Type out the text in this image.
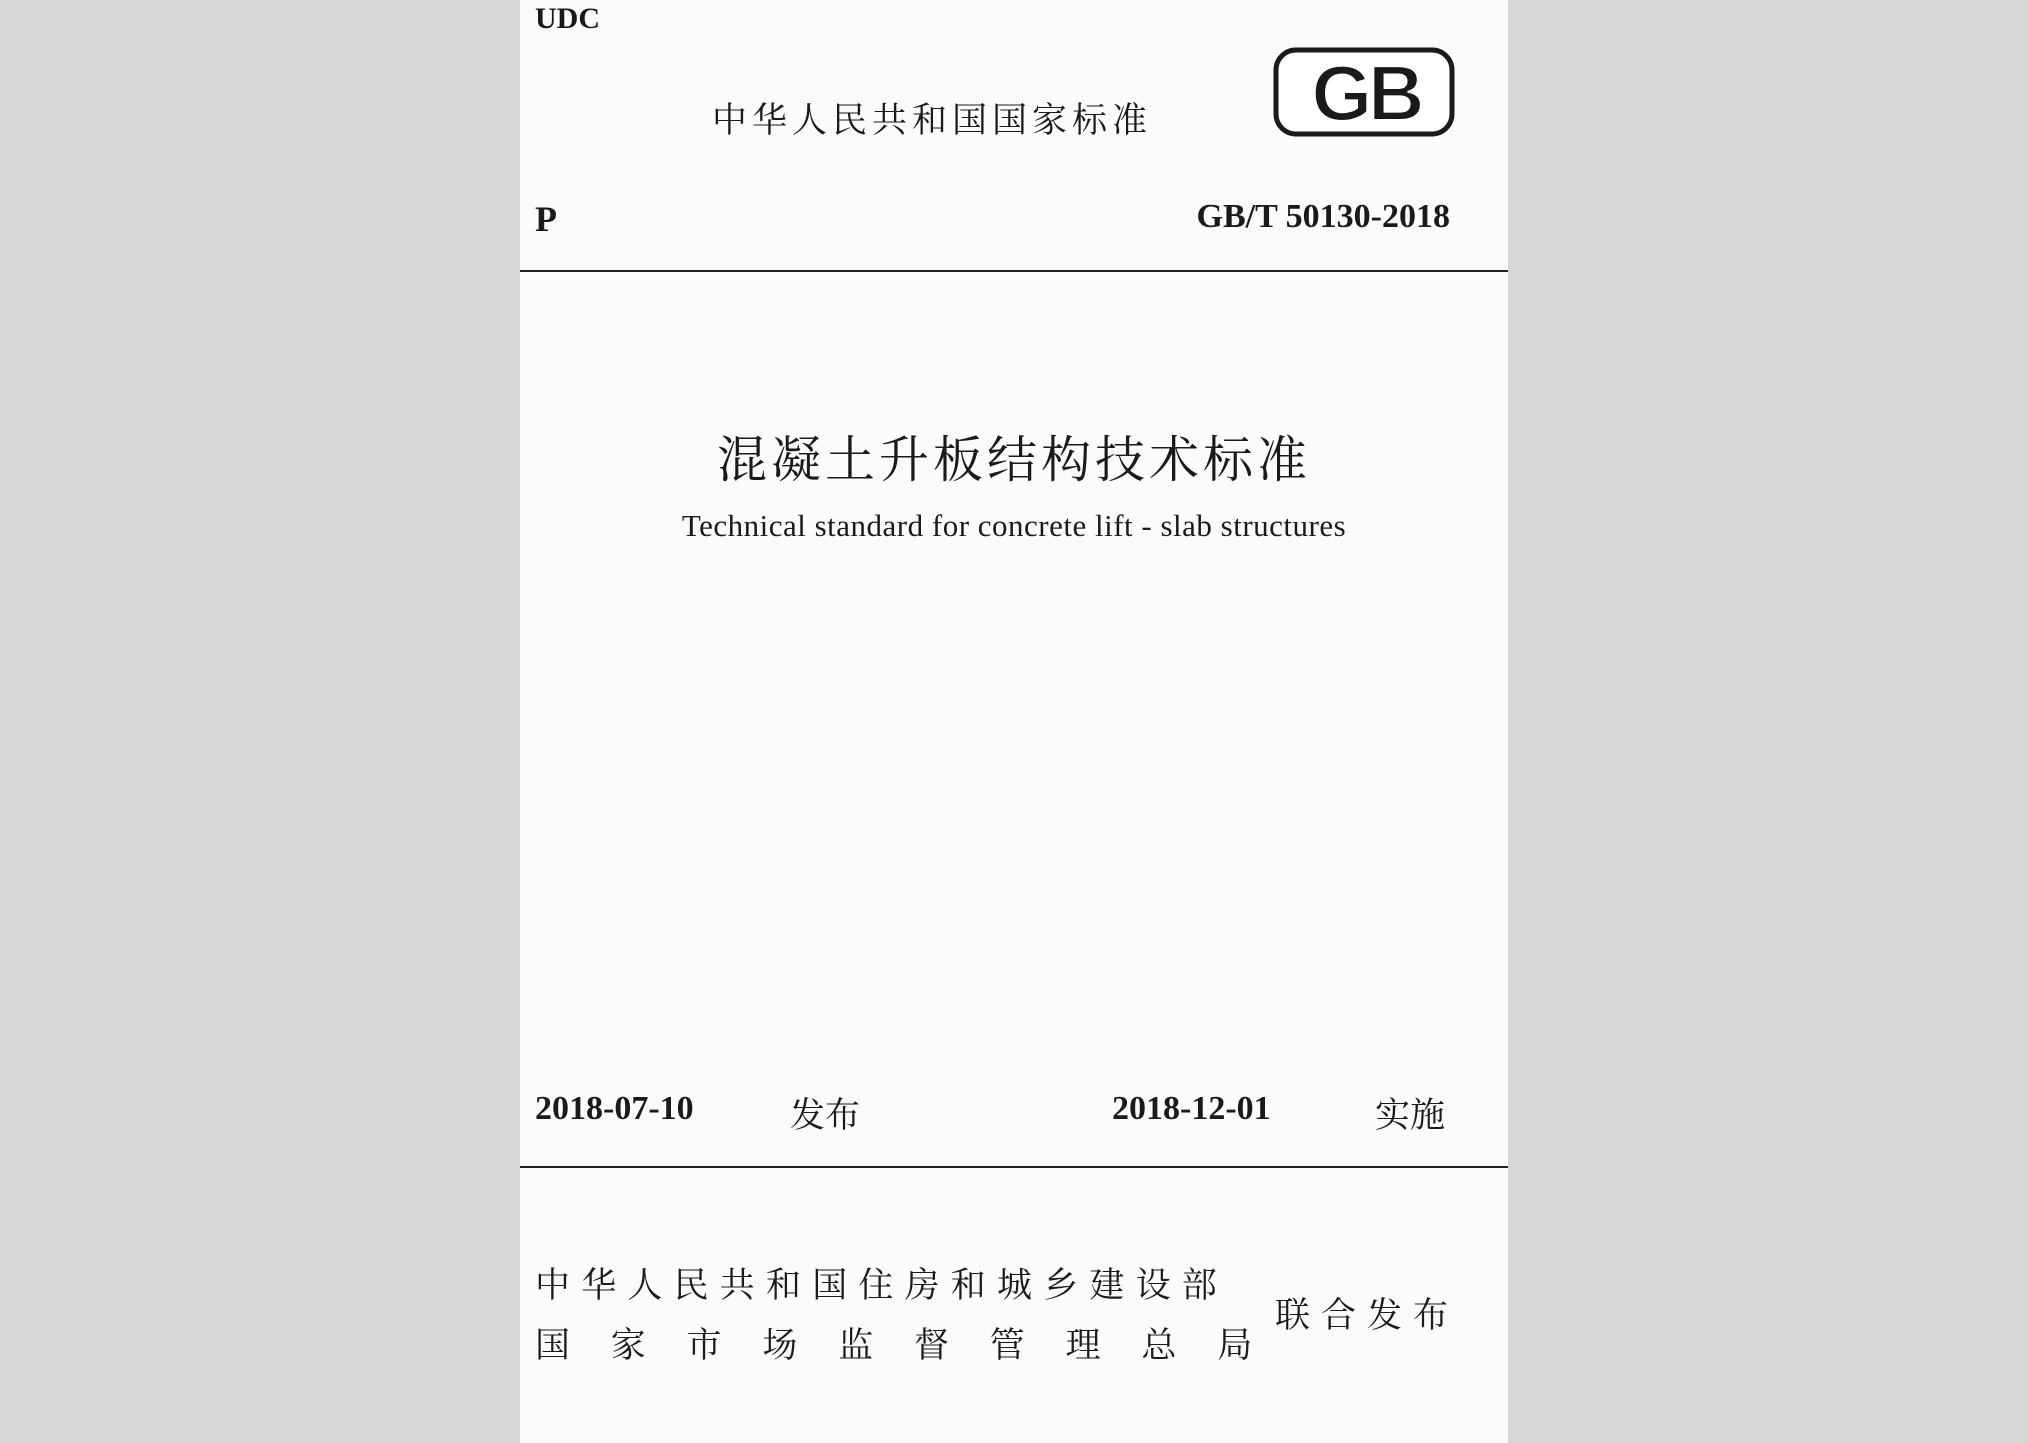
UDC
中华人民共和国国家标准 GB
P	GB/T 50130-2018
混凝土升板结构技术标准
Technical standard for concrete lift - slab structures
2018-07-10	发布	2018-12-01	实施
中华人民共和国住房和城乡建设部
国家市场监督管理总局
联合发布
